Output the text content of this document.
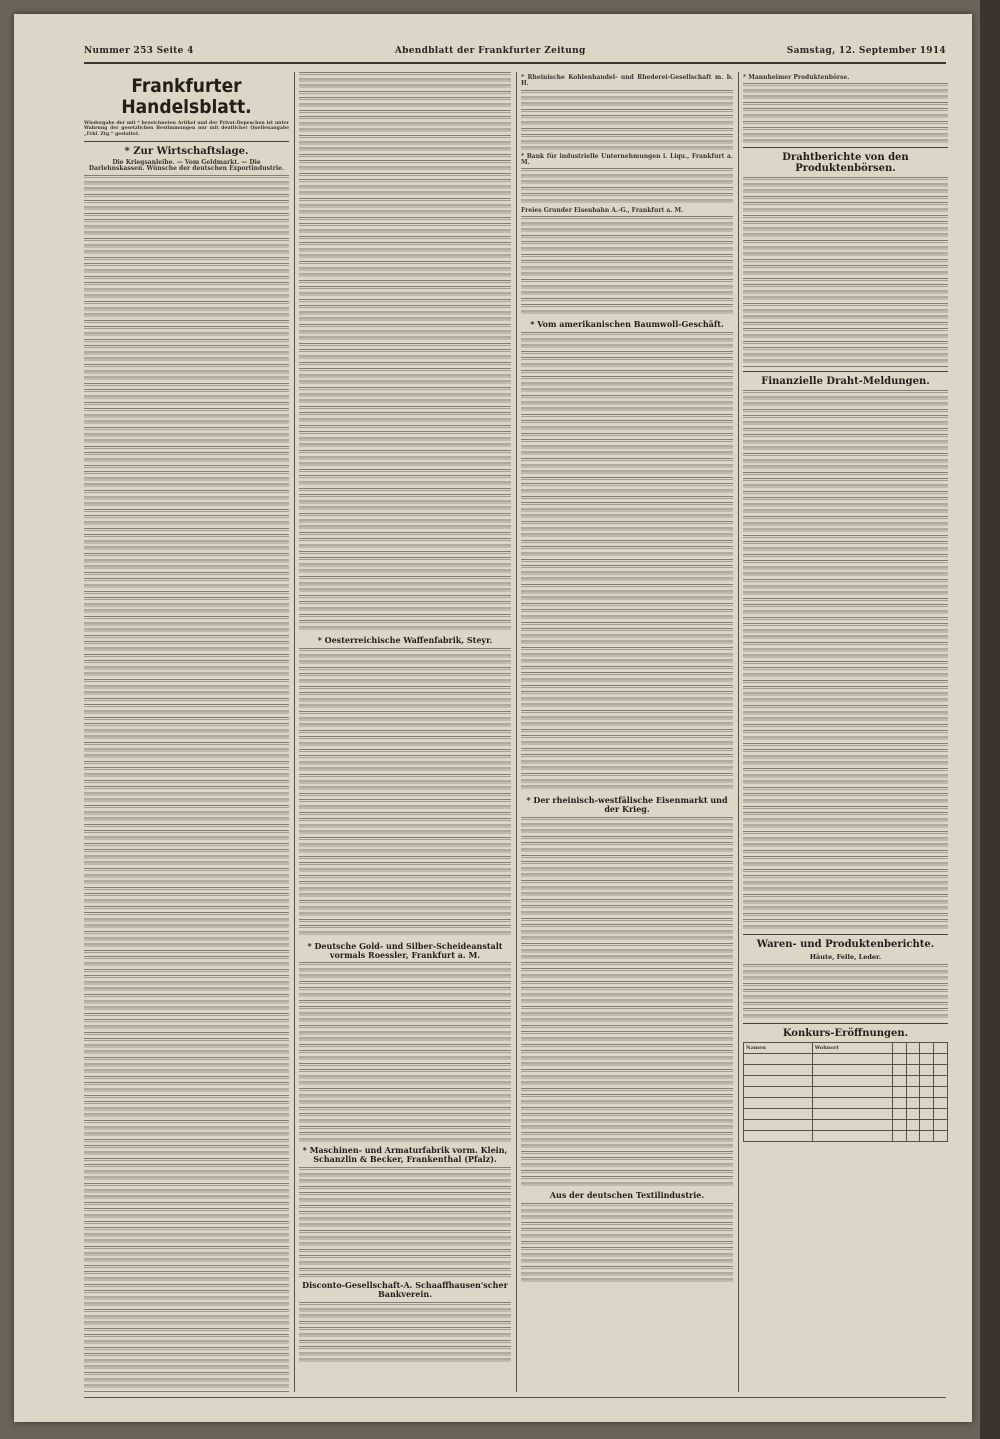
Nummer 253 Seite 4	Abendblatt der Frankfurter Zeitung	Samstag, 12. September 1914
Frankfurter Handelsblatt.
Wiedergabe der mit * bezeichneten Artikel und der Privat-Depeschen ist unter Wahrung der gesetzlichen Bestimmungen nur mit deutlicher Quellenangabe „Frkf. Ztg.“ gestattet.
* Zur Wirtschaftslage.
Die Kriegsanleihe. — Vom Geldmarkt. — Die Darlehnskassen. Wünsche der deutschen Exportindustrie.
* Oesterreichische Waffenfabrik, Steyr.
* Deutsche Gold- und Silber-Scheideanstalt vormals Roessler, Frankfurt a. M.
* Maschinen- und Armaturfabrik vorm. Klein, Schanzlin & Becker, Frankenthal (Pfalz).
Disconto-Gesellschaft-A. Schaaffhausen'scher Bankverein.
* Rheinische Kohlenhandel- und Rhederei-Gesellschaft m. b. H.
* Bank für industrielle Unternehmungen i. Liqu., Frankfurt a. M.
Freies Grunder Eisenbahn A.-G., Frankfurt a. M.
* Vom amerikanischen Baumwoll-Geschäft.
* Der rheinisch-westfälische Eisenmarkt und der Krieg.
Aus der deutschen Textilindustrie.
* Mannheimer Produktenbörse.
Drahtberichte von den Produktenbörsen.
Finanzielle Draht-Meldungen.
Waren- und Produktenberichte.
Häute, Felle, Leder.
Konkurs-Eröffnungen.
Namen	Wohnort				
